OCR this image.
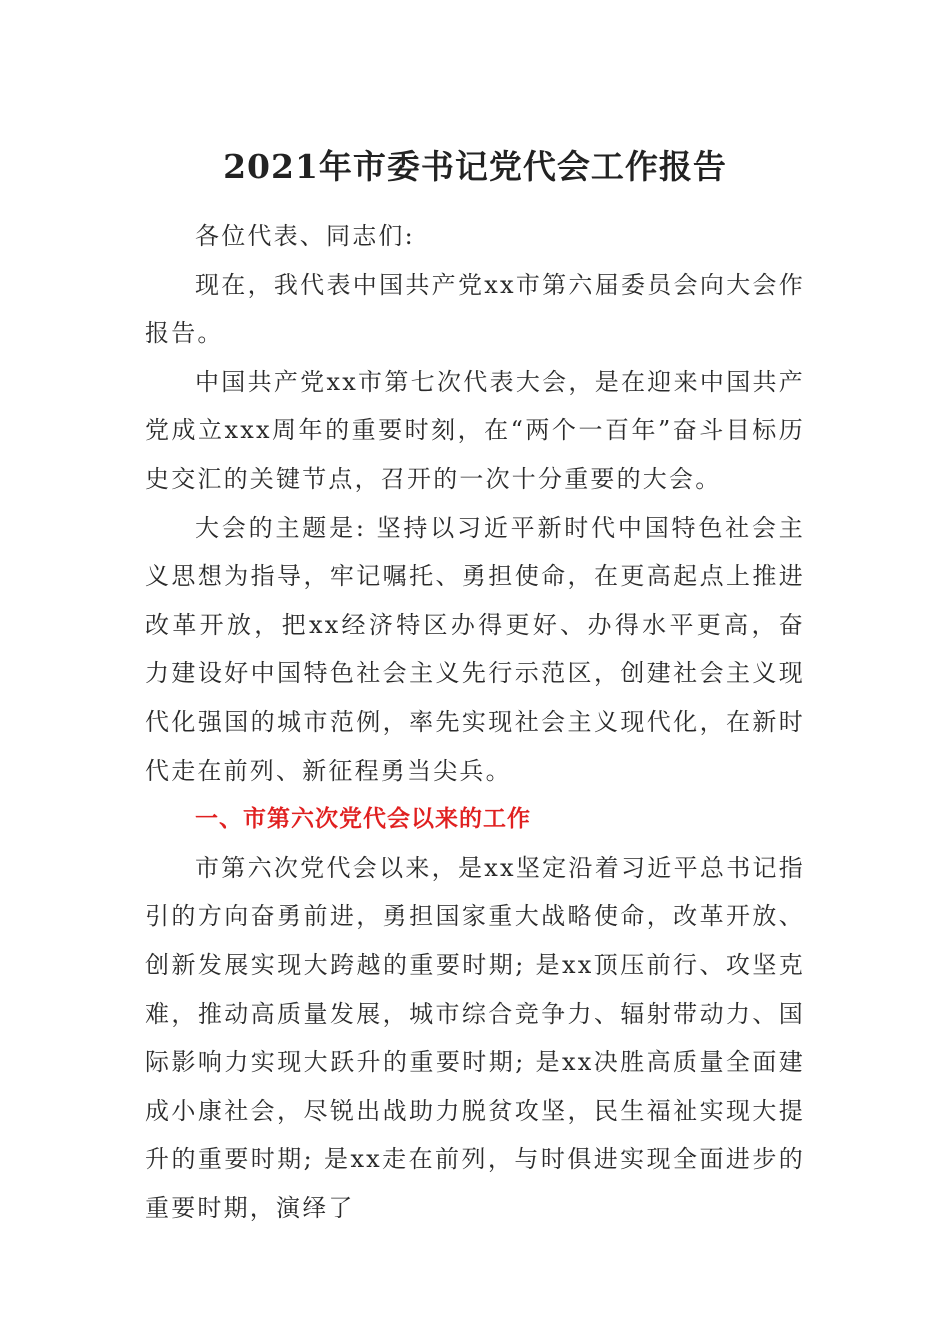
2021年市委书记党代会工作报告

各位代表、同志们:

现在，我代表中国共产党xx市第六届委员会向大会作报告。

中国共产党xx市第七次代表大会，是在迎来中国共产党成立xxx周年的重要时刻，在“两个一百年”奋斗目标历史交汇的关键节点，召开的一次十分重要的大会。

大会的主题是: 坚持以习近平新时代中国特色社会主义思想为指导，牢记嘱托、勇担使命，在更高起点上推进改革开放，把xx经济特区办得更好、办得水平更高，奋力建设好中国特色社会主义先行示范区，创建社会主义现代化强国的城市范例，率先实现社会主义现代化，在新时代走在前列、新征程勇当尖兵。

一、市第六次党代会以来的工作

市第六次党代会以来，是xx坚定沿着习近平总书记指引的方向奋勇前进，勇担国家重大战略使命，改革开放、创新发展实现大跨越的重要时期; 是xx顶压前行、攻坚克难，推动高质量发展，城市综合竞争力、辐射带动力、国际影响力实现大跃升的重要时期; 是xx决胜高质量全面建成小康社会，尽锐出战助力脱贫攻坚，民生福祉实现大提升的重要时期; 是xx走在前列，与时俱进实现全面进步的重要时期，演绎了
